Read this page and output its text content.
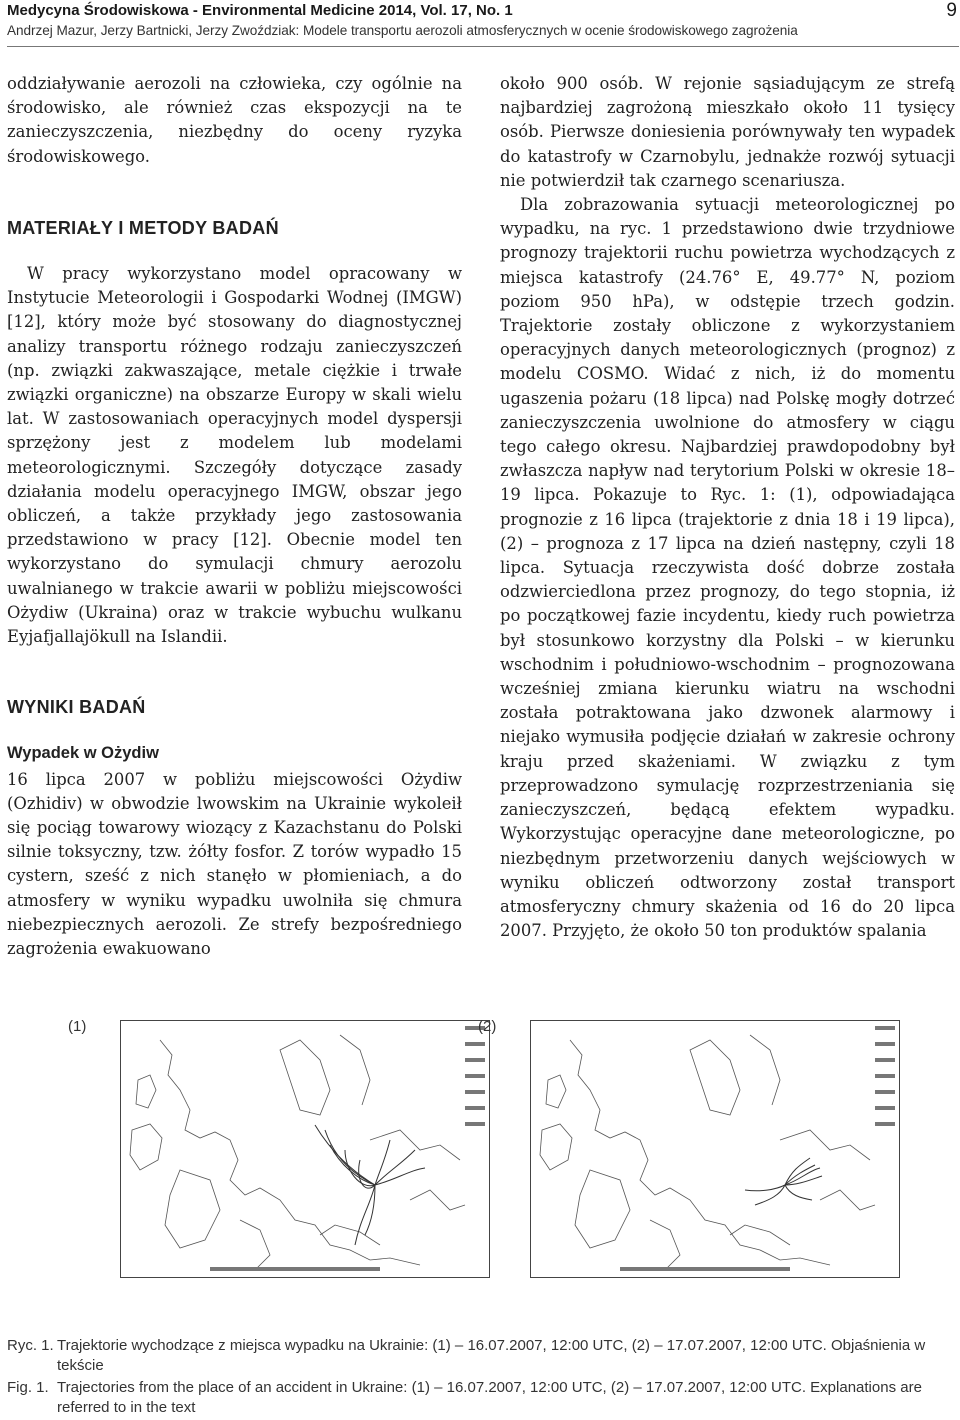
Medycyna Środowiskowa - Environmental Medicine 2014, Vol. 17, No. 1
Andrzej Mazur, Jerzy Bartnicki, Jerzy Zwoździak: Modele transportu aerozoli atmosferycznych w ocenie środowiskowego zagrożenia
9

oddziaływanie aerozoli na człowieka, czy ogólnie na środowisko, ale również czas ekspozycji na te zanieczyszczenia, niezbędny do oceny ryzyka środowiskowego.

MATERIAŁY I METODY BADAŃ

W pracy wykorzystano model opracowany w Instytucie Meteorologii i Gospodarki Wodnej (IMGW) [12], który może być stosowany do diagnostycznej analizy transportu różnego rodzaju zanieczyszczeń (np. związki zakwaszające, metale ciężkie i trwałe związki organiczne) na obszarze Europy w skali wielu lat. W zastosowaniach operacyjnych model dyspersji sprzężony jest z modelem lub modelami meteorologicznymi. Szczegóły dotyczące zasady działania modelu operacyjnego IMGW, obszar jego obliczeń, a także przykłady jego zastosowania przedstawiono w pracy [12]. Obecnie model ten wykorzystano do symulacji chmury aerozolu uwalnianego w trakcie awarii w pobliżu miejscowości Ożydiw (Ukraina) oraz w trakcie wybuchu wulkanu Eyjafjallajökull na Islandii.

WYNIKI BADAŃ
Wypadek w Ożydiw

16 lipca 2007 w pobliżu miejscowości Ożydiw (Ozhidiv) w obwodzie lwowskim na Ukrainie wykoleił się pociąg towarowy wiozący z Kazachstanu do Polski silnie toksyczny, tzw. żółty fosfor. Z torów wypadło 15 cystern, sześć z nich stanęło w płomieniach, a do atmosfery w wyniku wypadku uwolniła się chmura niebezpiecznych aerozoli. Ze strefy bezpośredniego zagrożenia ewakuowano

około 900 osób. W rejonie sąsiadującym ze strefą najbardziej zagrożoną mieszkało około 11 tysięcy osób. Pierwsze doniesienia porównywały ten wypadek do katastrofy w Czarnobylu, jednakże rozwój sytuacji nie potwierdził tak czarnego scenariusza.

Dla zobrazowania sytuacji meteorologicznej po wypadku, na ryc. 1 przedstawiono dwie trzydniowe prognozy trajektorii ruchu powietrza wychodzących z miejsca katastrofy (24.76° E, 49.77° N, poziom poziom 950 hPa), w odstępie trzech godzin. Trajektorie zostały obliczone z wykorzystaniem operacyjnych danych meteorologicznych (prognoz) z modelu COSMO. Widać z nich, iż do momentu ugaszenia pożaru (18 lipca) nad Polskę mogły dotrzeć zanieczyszczenia uwolnione do atmosfery w ciągu tego całego okresu. Najbardziej prawdopodobny był zwłaszcza napływ nad terytorium Polski w okresie 18–19 lipca. Pokazuje to Ryc. 1: (1), odpowiadająca prognozie z 16 lipca (trajektorie z dnia 18 i 19 lipca), (2) – prognoza z 17 lipca na dzień następny, czyli 18 lipca. Sytuacja rzeczywista dość dobrze została odzwierciedlona przez prognozy, do tego stopnia, iż po początkowej fazie incydentu, kiedy ruch powietrza był stosunkowo korzystny dla Polski – w kierunku wschodnim i południowo-wschodnim – prognozowana wcześniej zmiana kierunku wiatru na wschodni została potraktowana jako dzwonek alarmowy i niejako wymusiła podjęcie działań w zakresie ochrony kraju przed skażeniami. W związku z tym przeprowadzono symulację rozprzestrzeniania się zanieczyszczeń, będącą efektem wypadku. Wykorzystując operacyjne dane meteorologiczne, po niezbędnym przetworzeniu danych wejściowych w wyniku obliczeń odtworzony został transport atmosferyczny chmury skażenia od 16 do 20 lipca 2007. Przyjęto, że około 50 ton produktów spalania

(1)	(2)
Ryc. 1. Trajektorie wychodzące z miejsca wypadku na Ukrainie: (1) – 16.07.2007, 12:00 UTC, (2) – 17.07.2007, 12:00 UTC. Objaśnienia w tekście
Fig. 1. Trajectories from the place of an accident in Ukraine: (1) – 16.07.2007, 12:00 UTC, (2) – 17.07.2007, 12:00 UTC. Explanations are referred to in the text
